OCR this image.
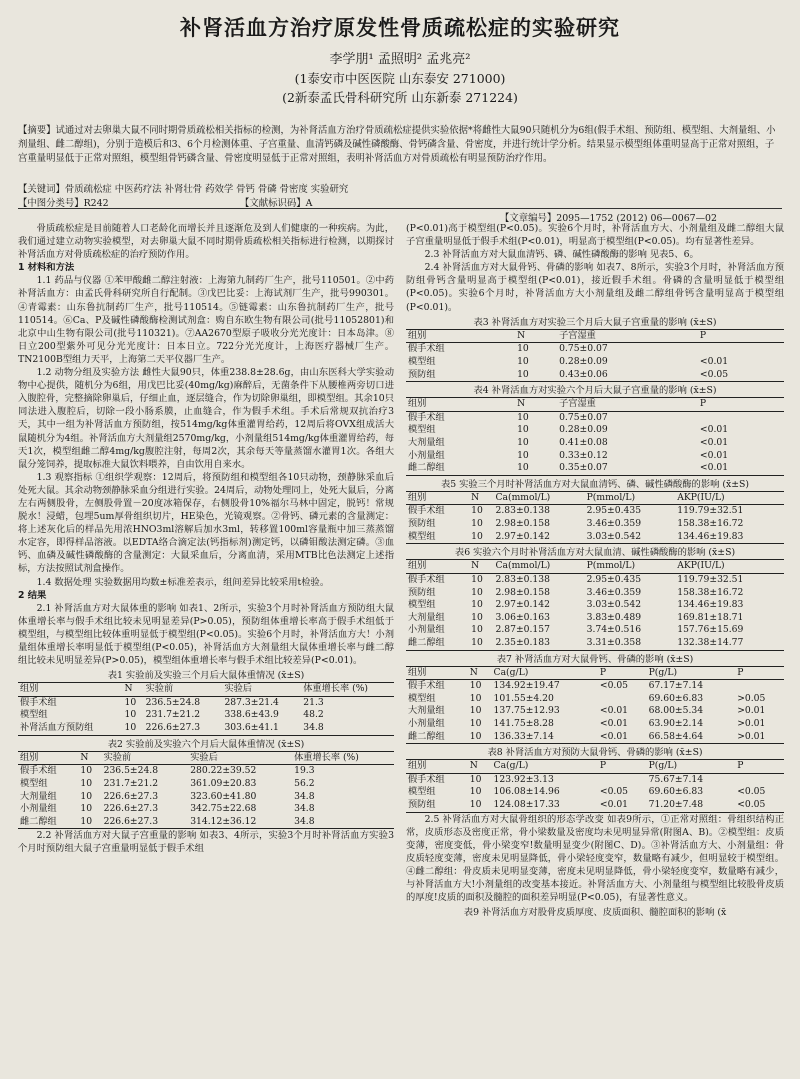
补肾活血方治疗原发性骨质疏松症的实验研究
李学朋¹ 孟照明² 孟兆亮²
(1泰安市中医医院 山东泰安 271000)
(2新泰孟氏骨科研究所 山东新泰 271224)
【摘要】试通过对去卵巢大鼠不同时期骨质疏松相关指标的检测，为补肾活血方治疗骨质疏松症提供实验依据*将雌性大鼠90只随机分为6组(假手术组、预防组、模型组、大剂量组、小剂量组、雌二醇组)，分别于造模后和3、6个月检测体重、子宫重量、血清钙磷及碱性磷酸酶、骨钙磷含量、骨密度，并进行统计学分析。结果显示模型组体重明显高于正常对照组，子宫重量明显低于正常对照组，模型组骨钙磷含量、骨密度明显低于正常对照组，表明补肾活血方对骨质疏松有明显预防治疗作用。
【关键词】骨质疏松症 中医药疗法 补肾壮骨 药效学 骨钙 骨磷 骨密度 实验研究
【中图分类号】R242	【文献标识码】A
【文章编号】2095—1752 (2012) 06—0067—02

骨质疏松症是目前随着人口老龄化而增长并且逐渐危及到人们健康的一种疾病。为此，我们通过建立动物实验模型，对去卵巢大鼠不同时期骨质疏松相关指标进行检测，以期探讨补肾活血方对骨质疏松症的治疗预防作用。

1 材料和方法

1.1 药品与仪器 ①苯甲酸雌二醇注射液：上海第九制药厂生产，批号110501。②中药补肾活血方：由孟氏骨科研究所自行配制。③戊巴比妥：上海试剂厂生产，批号990301。④青霉素：山东鲁抗制药厂生产，批号110514。⑤链霉素：山东鲁抗制药厂生产，批号110514。⑥Ca、P及碱性磷酸酶检测试剂盒：购自东欧生物有限公司(批号11052801)和北京中山生物有限公司(批号110321)。⑦AA2670型原子吸收分光光度计：日本岛津。⑧日立200型紫外可见分光光度计：日本日立。722分光光度计，上海医疗器械厂生产。TN2100B型组力天平，上海第二天平仪器厂生产。

1.2 动物分组及实验方法 雌性大鼠90只，体重238.8±28.6g，由山东医科大学实验动物中心提供，随机分为6组，用戊巴比妥(40mg/kg)麻醉后，无菌条件下从腰椎两旁切口进入腹腔骨，完整摘除卵巢后，仔细止血，逐层缝合，作为切除卵巢组，即模型组。其余10只同法进入腹腔后，切除一段小肠系膜，止血缝合，作为假手术组。手术后常规双抗治疗3天，其中一组为补肾活血方预防组，按514mg/kg体重灌胃给药，12周后将OVX组成活大鼠随机分为4组。补肾活血方大剂量组2570mg/kg，小剂量组514mg/kg体重灌胃给药，每天1次，模型组雌二醇4mg/kg腹腔注射，每周2次，其余每天等量蒸馏水灌胃1次。各组大鼠分笼饲养，提取标准大鼠饮料喂养，自由饮用自来水。

1.3 观察指标 ①组织学观察：12周后，将预防组和模型组各10只动物，颈静脉采血后处死大鼠。其余动物颈静脉采血分组进行实验。24周后，动物处理同上，处死大鼠后，分离左右两侧股骨，左侧股骨置－20度冰箱保存，右侧股骨10%福尔马林中固定，脱钙！常规脱水！浸蜡，包埋5um厚骨组织切片，HE染色，光镜观察。②骨钙、磷元素的含量测定：将上述灰化后的样品先用浓HNO3ml溶解后加水3ml，转移置100ml容量瓶中加三蒸蒸馏水定容，即得样品溶液。以EDTA络合滴定法(钙指标剂)测定钙，以磷钼酸法测定磷。③血钙、血磷及碱性磷酸酶的含量测定：大鼠采血后，分离血清，采用MTB比色法测定上述指标，方法按照试剂盒操作。

1.4 数据处理 实验数据用均数±标准差表示，组间差异比较采用t检验。

2 结果

2.1 补肾活血方对大鼠体重的影响 如表1、2所示，实验3个月时补肾活血方预防组大鼠体重增长率与假手术组比较未见明显差异(P>0.05)，预防组体重增长率高于假手术组低于模型组，与模型组比较体重明显低于模型组(P<0.05)。实验6个月时，补肾活血方大！小剂量组体重增长率明显低于模型组(P<0.05)，补肾活血方大剂量组大鼠体重增长率与雌二醇组比较未见明显差异(P>0.05)，模型组体重增长率与假手术组比较差异(P<0.01)。

表1 实验前及实验三个月后大鼠体重情况 (x̄±S)
组别	N	实验前	实验后	体重增长率 (%)
假手术组	10	236.5±24.8	287.3±21.4	21.3
模型组	10	231.7±21.2	338.6±43.9	48.2
补肾活血方预防组	10	226.6±27.3	303.6±41.1	34.8
表2 实验前及实验六个月后大鼠体重情况 (x̄±S)
组别	N	实验前	实验后	体重增长率 (%)
假手术组	10	236.5±24.8	280.22±39.52	19.3
模型组	10	231.7±21.2	361.09±20.83	56.2
大剂量组	10	226.6±27.3	323.60±41.80	34.8
小剂量组	10	226.6±27.3	342.75±22.68	34.8
雌二醇组	10	226.6±27.3	314.12±36.12	34.8

2.2 补肾活血方对大鼠子宫重量的影响 如表3、4所示，实验3个月时补肾活血方实验3个月时预防组大鼠子宫重量明显低于假手术组

(P<0.01)高于模型组(P<0.05)。实验6个月时，补肾活血方大、小剂量组及雌二醇组大鼠子宫重量明显低于假手术组(P<0.01)，明显高于模型组(P<0.05)。均有显著性差异。

2.3 补肾活血方对大鼠血清钙、磷、碱性磷酸酶的影响 见表5、6。

2.4 补肾活血方对大鼠骨钙、骨磷的影响 如表7、8所示，实验3个月时，补肾活血方预防组骨钙含量明显高于模型组(P<0.01)，接近假手术组。骨磷的含量明显低于模型组(P<0.05)。实验6个月时，补肾活血方大小剂量组及雌二醇组骨钙含量明显高于模型组(P<0.01)。

表3 补肾活血方对实验三个月后大鼠子宫重量的影响 (x̄±S)
组别	N	子宫湿重	P
假手术组	10	0.75±0.07	
模型组	10	0.28±0.09	<0.01
预防组	10	0.43±0.06	<0.05
表4 补肾活血方对实验六个月后大鼠子宫重量的影响 (x̄±S)
组别	N	子宫湿重	P
假手术组	10	0.75±0.07	
模型组	10	0.28±0.09	<0.01
大剂量组	10	0.41±0.08	<0.01
小剂量组	10	0.33±0.12	<0.01
雌二醇组	10	0.35±0.07	<0.01
表5 实验三个月时补肾活血方对大鼠血清钙、磷、碱性磷酸酶的影响 (x̄±S)
组别	N	Ca(mmol/L)	P(mmol/L)	AKP(IU/L)
假手术组	10	2.83±0.138	2.95±0.435	119.79±32.51
预防组	10	2.98±0.158	3.46±0.359	158.38±16.72
模型组	10	2.97±0.142	3.03±0.542	134.46±19.83
表6 实验六个月时补肾活血方对大鼠血清、碱性磷酸酶的影响 (x̄±S)
组别	N	Ca(mmol/L)	P(mmol/L)	AKP(IU/L)
假手术组	10	2.83±0.138	2.95±0.435	119.79±32.51
预防组	10	2.98±0.158	3.46±0.359	158.38±16.72
模型组	10	2.97±0.142	3.03±0.542	134.46±19.83
大剂量组	10	3.06±0.163	3.83±0.489	169.81±18.71
小剂量组	10	2.87±0.157	3.74±0.516	157.76±15.69
雌二醇组	10	2.35±0.183	3.31±0.358	132.38±14.77
表7 补肾活血方对大鼠骨钙、骨磷的影响 (x̄±S)
组别	N	Ca(g/L)	P	P(g/L)	P
假手术组	10	134.92±19.47	<0.05	67.17±7.14	
模型组	10	101.55±4.20		69.60±6.83	>0.05
大剂量组	10	137.75±12.93	<0.01	68.00±5.34	>0.01
小剂量组	10	141.75±8.28	<0.01	63.90±2.14	>0.01
雌二醇组	10	136.33±7.14	<0.01	66.58±4.64	>0.01
表8 补肾活血方对预防大鼠骨钙、骨磷的影响 (x̄±S)
组别	N	Ca(g/L)	P	P(g/L)	P
假手术组	10	123.92±3.13		75.67±7.14	
模型组	10	106.08±14.96	<0.05	69.60±6.83	<0.05
预防组	10	124.08±17.33	<0.01	71.20±7.48	<0.05

2.5 补肾活血方对大鼠骨组织的形态学改变 如表9所示，①正常对照组：骨组织结构正常，皮质形态及密度正常，骨小梁数量及密度均未见明显异常(附图A、B)。②模型组：皮质变薄，密度变低，骨小梁变窄!数量明显变少(附图C、D)。③补肾活血方大、小剂量组：骨皮质轻度变薄，密度未见明显降低，骨小梁轻度变窄，数量略有减少，但明显较于模型组。④雌二醇组：骨皮质未见明显变薄，密度未见明显降低，骨小梁轻度变窄，数量略有减少，与补肾活血方大!小剂量组的改变基本接近。补肾活血方大、小剂量组与模型组比较股骨皮质的厚度!皮质的面积及髓腔的面积差异明显(P<0.05)，有显著性意义。

表9 补肾活血方对股骨皮质厚度、皮质面积、髓腔面积的影响 (x̄
